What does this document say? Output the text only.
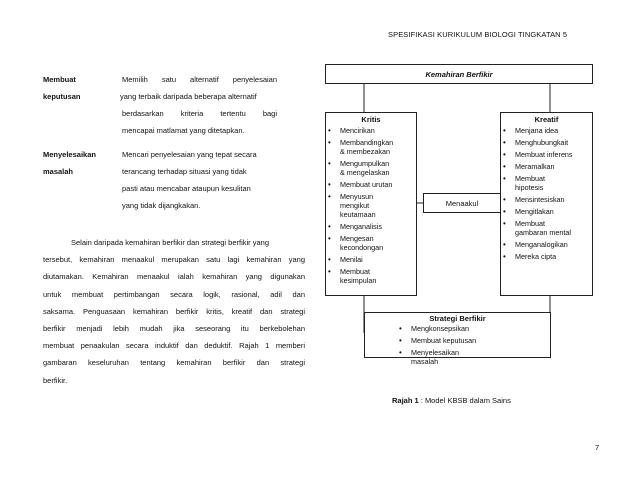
SPESIFIKASI KURIKULUM BIOLOGI TINGKATAN 5
Membuat
keputusan
Memilih satu alternatif penyelesaian
yang terbaik daripada beberapa alternatif
berdasarkan kriteria tertentu bagi
mencapai matlamat yang ditetapkan.
Menyelesaikan
masalah
Mencari penyelesaian yang tepat secara
terancang terhadap situasi yang tidak
pasti atau mencabar ataupun kesulitan
yang tidak dijangkakan.
Selain daripada kemahiran berfikir dan strategi berfikir yang
tersebut, kemahiran menaakul merupakan satu lagi kemahiran yang
diutamakan. Kemahiran menaakul ialah kemahiran yang digunakan
untuk membuat pertimbangan secara logik, rasional, adil dan
saksama. Penguasaan kemahiran berfikir kritis, kreatif dan strategi
berfikir menjadi lebih mudah jika seseorang itu berkebolehan
membuat penaakulan secara induktif dan deduktif. Rajah 1 memberi
gambaran keseluruhan tentang kemahiran berfikir dan strategi
berfikir.
Kemahiran Berfikir
Kritis
• Mencirikan
• Membandingkan
& membezakan
• Mengumpulkan
& mengelaskan
• Membuat urutan
• Menyusun
mengikut
keutamaan
• Menganalisis
• Mengesan
kecondongan
• Menilai
• Membuat
kesimpulan
Kreatif
• Menjana idea
• Menghubungkait
• Membuat inferens
• Meramalkan
• Membuat
hipotesis
• Mensintesiskan
• Mengitlakan
• Membuat
gambaran mental
• Menganalogikan
• Mereka cipta
Menaakul
Strategi Berfikir
• Mengkonsepsikan
• Membuat keputusan
• Menyelesaikan
masalah
Rajah 1 : Model KBSB dalam Sains
7
